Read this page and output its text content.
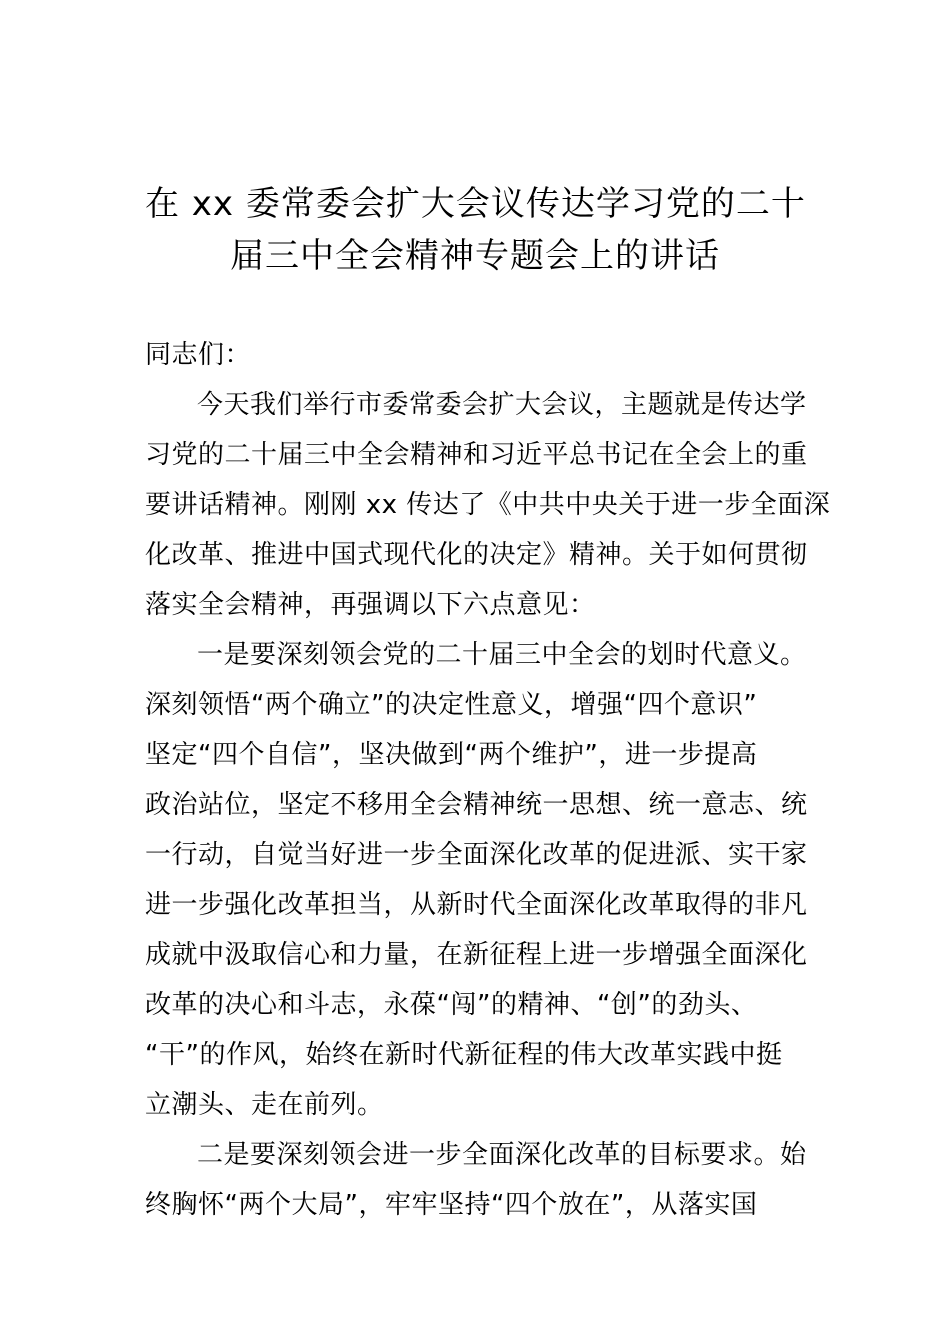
在 xx 委常委会扩大会议传达学习党的二十
届三中全会精神专题会上的讲话
同志们：
今天我们举行市委常委会扩大会议，主题就是传达学
习党的二十届三中全会精神和习近平总书记在全会上的重
要讲话精神。刚刚 xx 传达了《中共中央关于进一步全面深
化改革、推进中国式现代化的决定》精神。关于如何贯彻
落实全会精神，再强调以下六点意见：
一是要深刻领会党的二十届三中全会的划时代意义。
深刻领悟“两个确立”的决定性意义，增强“四个意识”
坚定“四个自信”，坚决做到“两个维护”，进一步提高
政治站位，坚定不移用全会精神统一思想、统一意志、统
一行动，自觉当好进一步全面深化改革的促进派、实干家
进一步强化改革担当，从新时代全面深化改革取得的非凡
成就中汲取信心和力量，在新征程上进一步增强全面深化
改革的决心和斗志，永葆“闯”的精神、“创”的劲头、
“干”的作风，始终在新时代新征程的伟大改革实践中挺
立潮头、走在前列。
二是要深刻领会进一步全面深化改革的目标要求。始
终胸怀“两个大局”，牢牢坚持“四个放在”，从落实国
